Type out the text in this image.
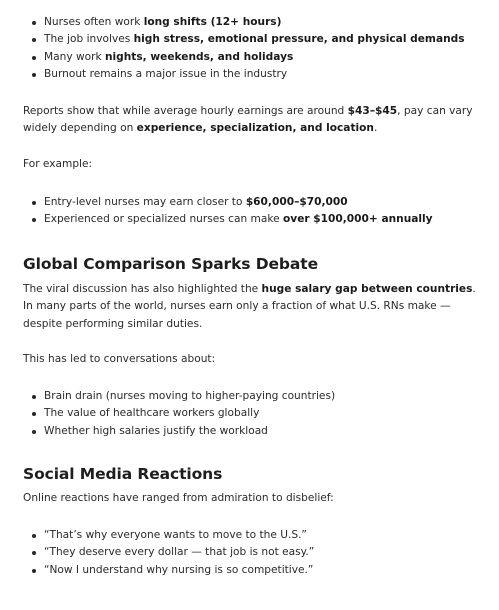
Nurses often work long shifts (12+ hours)
The job involves high stress, emotional pressure, and physical demands
Many work nights, weekends, and holidays
Burnout remains a major issue in the industry

Reports show that while average hourly earnings are around $43–$45, pay can vary widely depending on experience, specialization, and location.

For example:

Entry-level nurses may earn closer to $60,000–$70,000
Experienced or specialized nurses can make over $100,000+ annually
Global Comparison Sparks Debate

The viral discussion has also highlighted the huge salary gap between countries. In many parts of the world, nurses earn only a fraction of what U.S. RNs make — despite performing similar duties.

This has led to conversations about:

Brain drain (nurses moving to higher-paying countries)
The value of healthcare workers globally
Whether high salaries justify the workload
Social Media Reactions

Online reactions have ranged from admiration to disbelief:

“That’s why everyone wants to move to the U.S.”
“They deserve every dollar — that job is not easy.”
“Now I understand why nursing is so competitive.”
